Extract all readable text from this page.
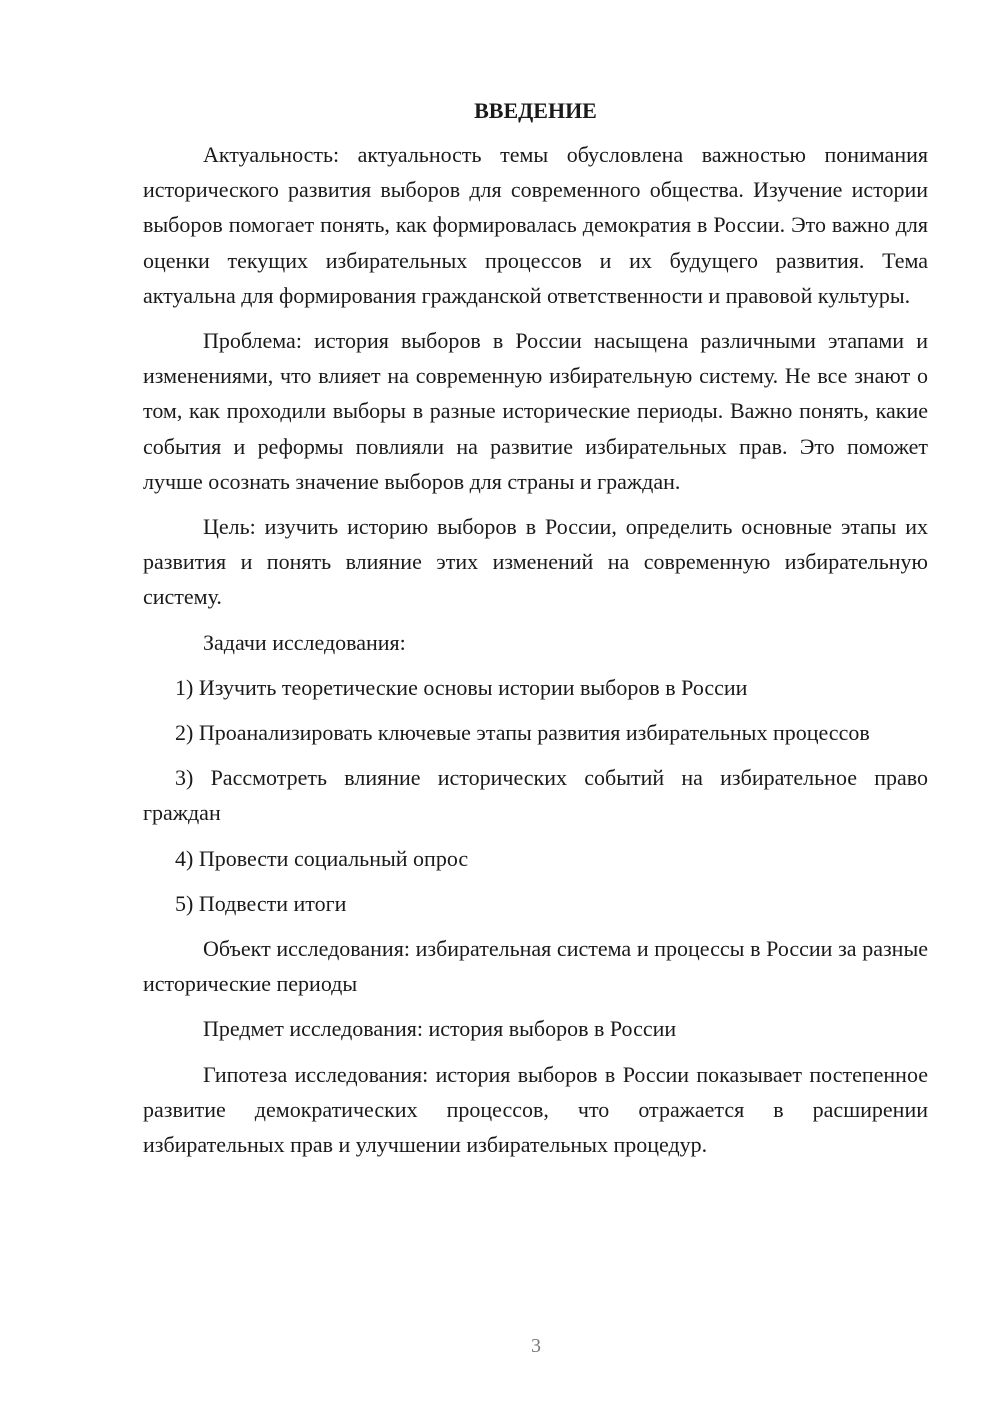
ВВЕДЕНИЕ

Актуальность: актуальность темы обусловлена важностью понимания исторического развития выборов для современного общества. Изучение истории выборов помогает понять, как формировалась демократия в России. Это важно для оценки текущих избирательных процессов и их будущего развития. Тема актуальна для формирования гражданской ответственности и правовой культуры.

Проблема: история выборов в России насыщена различными этапами и изменениями, что влияет на современную избирательную систему. Не все знают о том, как проходили выборы в разные исторические периоды. Важно понять, какие события и реформы повлияли на развитие избирательных прав. Это поможет лучше осознать значение выборов для страны и граждан.

Цель: изучить историю выборов в России, определить основные этапы их развития и понять влияние этих изменений на современную избирательную систему.

Задачи исследования:

1) Изучить теоретические основы истории выборов в России

2) Проанализировать ключевые этапы развития избирательных процессов

3) Рассмотреть влияние исторических событий на избирательное право граждан

4) Провести социальный опрос

5) Подвести итоги

Объект исследования: избирательная система и процессы в России за разные исторические периоды

Предмет исследования: история выборов в России

Гипотеза исследования: история выборов в России показывает постепенное развитие демократических процессов, что отражается в расширении избирательных прав и улучшении избирательных процедур.

3
